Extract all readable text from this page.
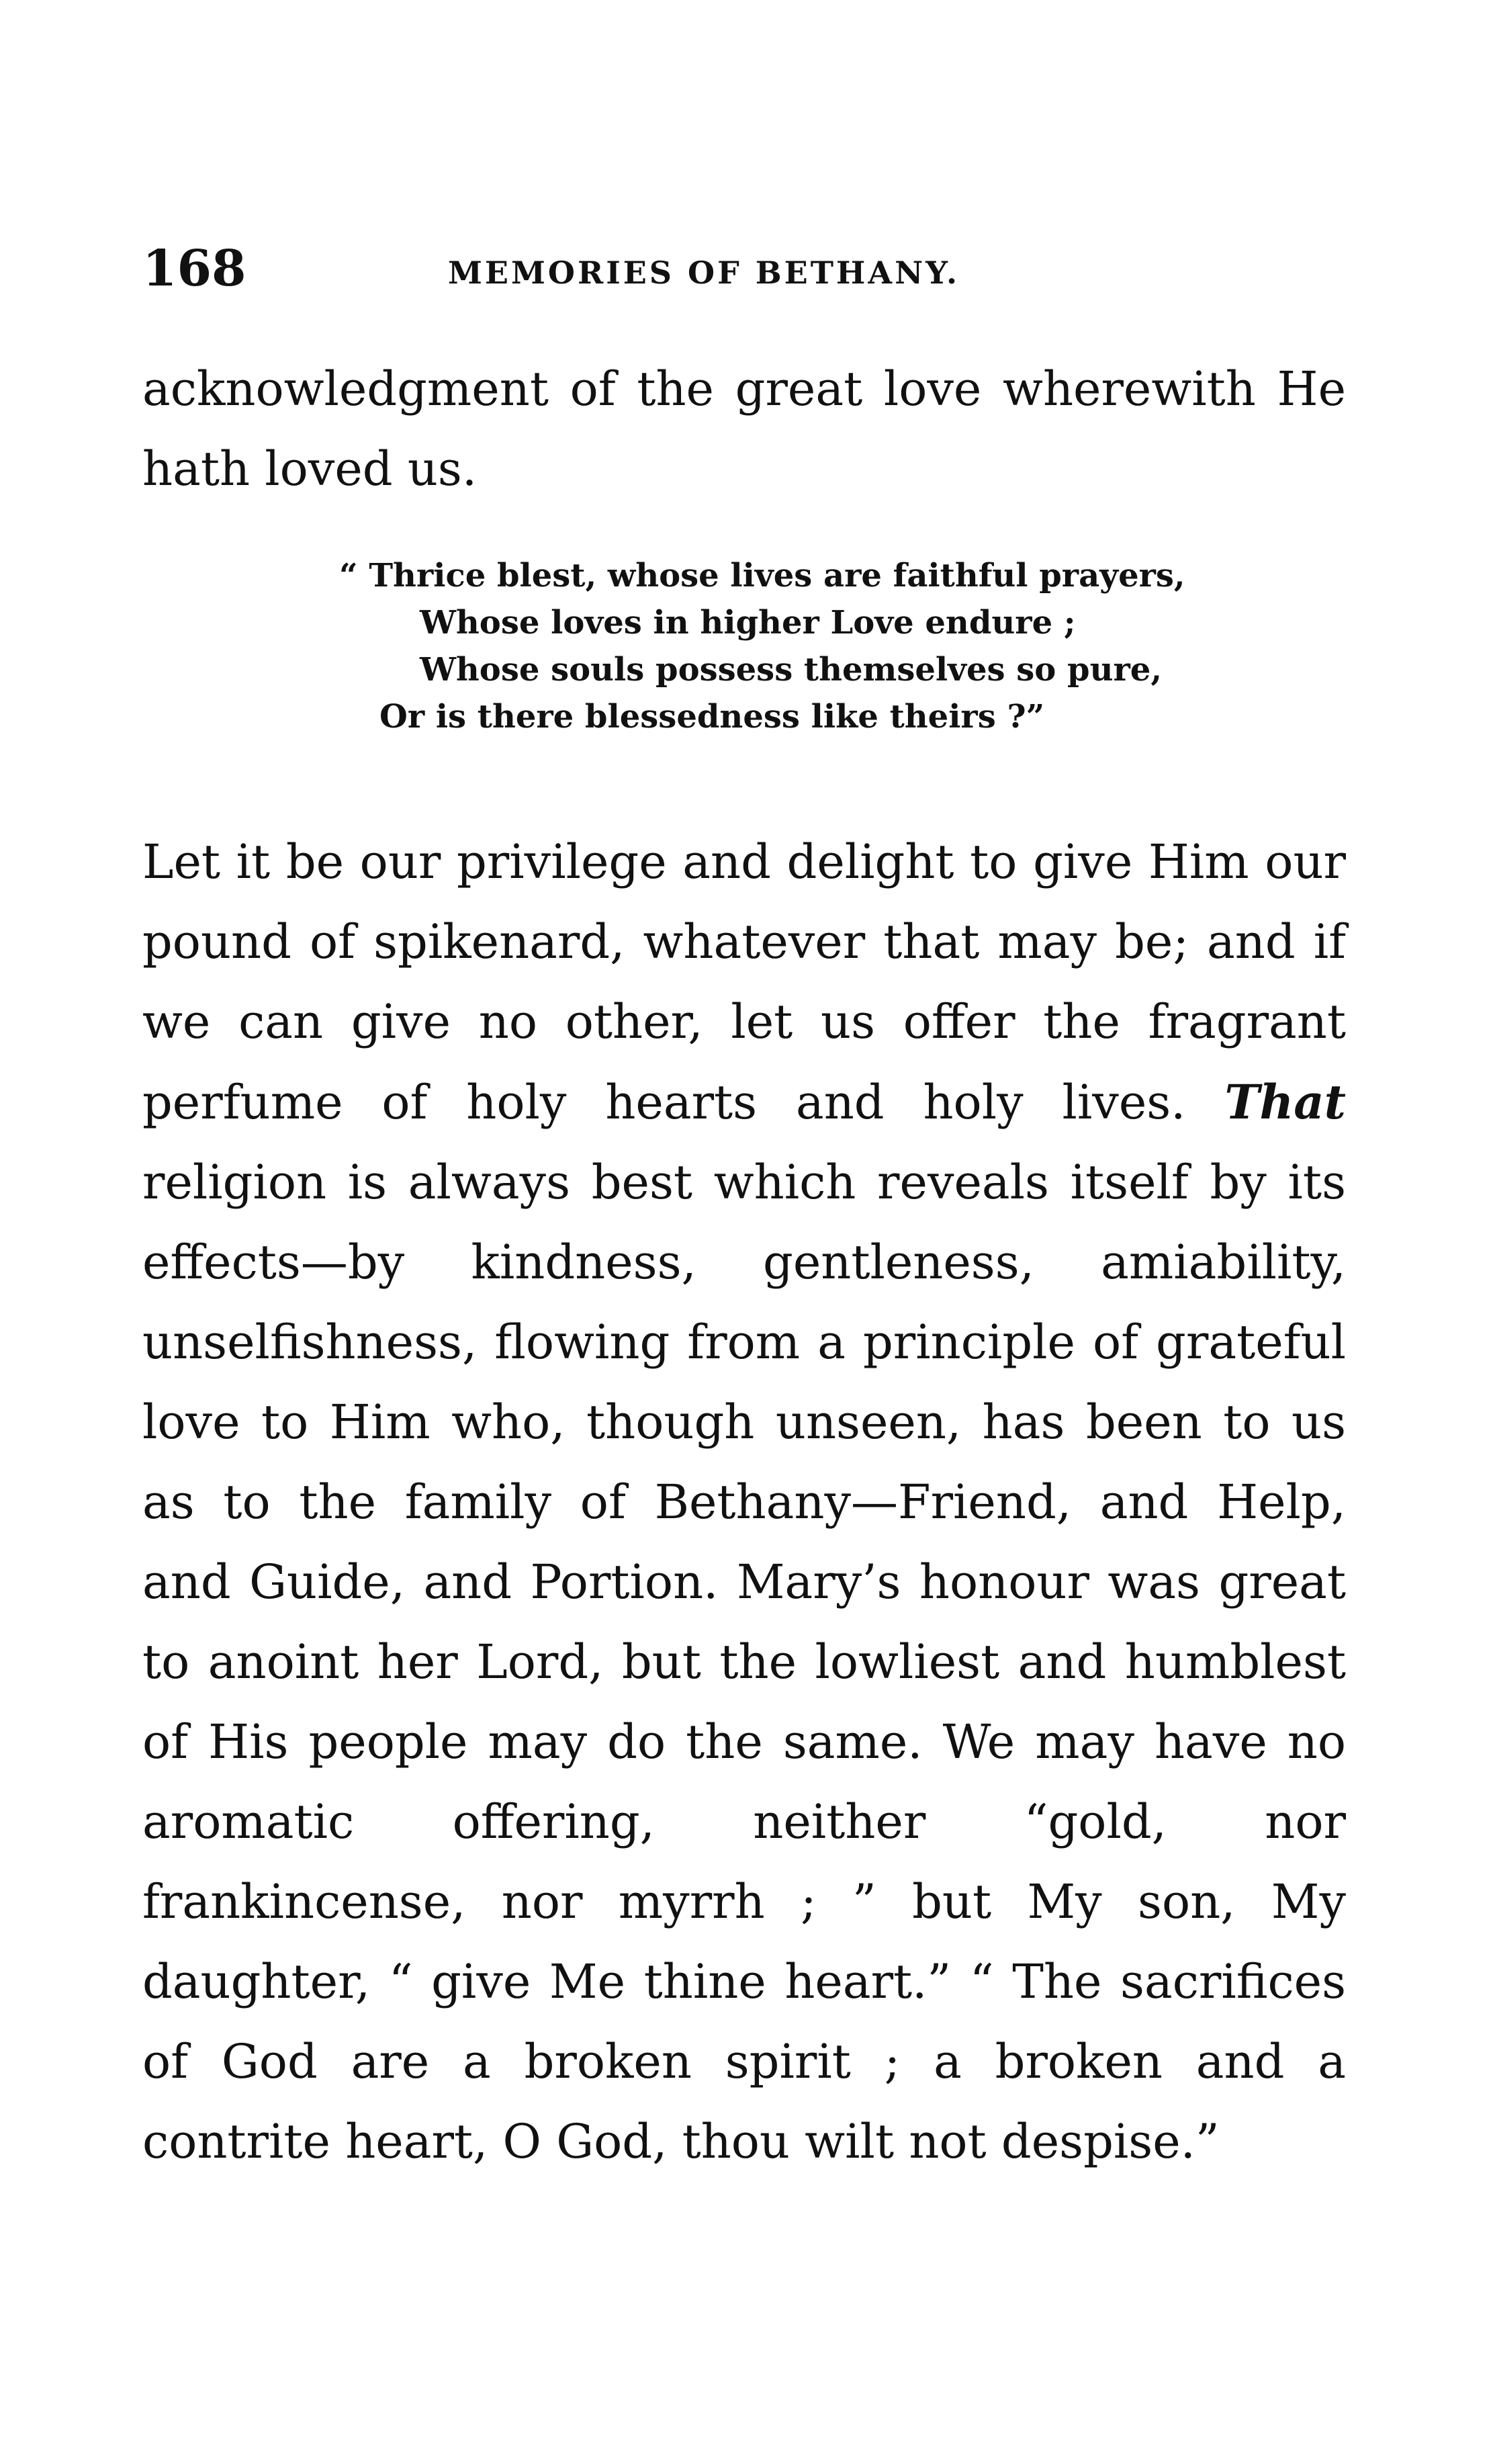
168	MEMORIES OF BETHANY.

acknowledgment of the great love wherewith He hath loved us.

“ Thrice blest, whose lives are faithful prayers,
Whose loves in higher Love endure ;
Whose souls possess themselves so pure,
Or is there blessedness like theirs ?”

Let it be our privilege and delight to give Him our pound of spikenard, whatever that may be; and if we can give no other, let us offer the fragrant perfume of holy hearts and holy lives. That religion is always best which reveals itself by its effects—by kindness, gentleness, amiability, unselfishness, flowing from a principle of grateful love to Him who, though unseen, has been to us as to the family of Bethany—Friend, and Help, and Guide, and Portion. Mary’s honour was great to anoint her Lord, but the lowliest and humblest of His people may do the same. We may have no aromatic offering, neither “gold, nor frankincense, nor myrrh ; ” but My son, My daughter, “ give Me thine heart.” “ The sacrifices of God are a broken spirit ; a broken and a contrite heart, O God, thou wilt not despise.”
